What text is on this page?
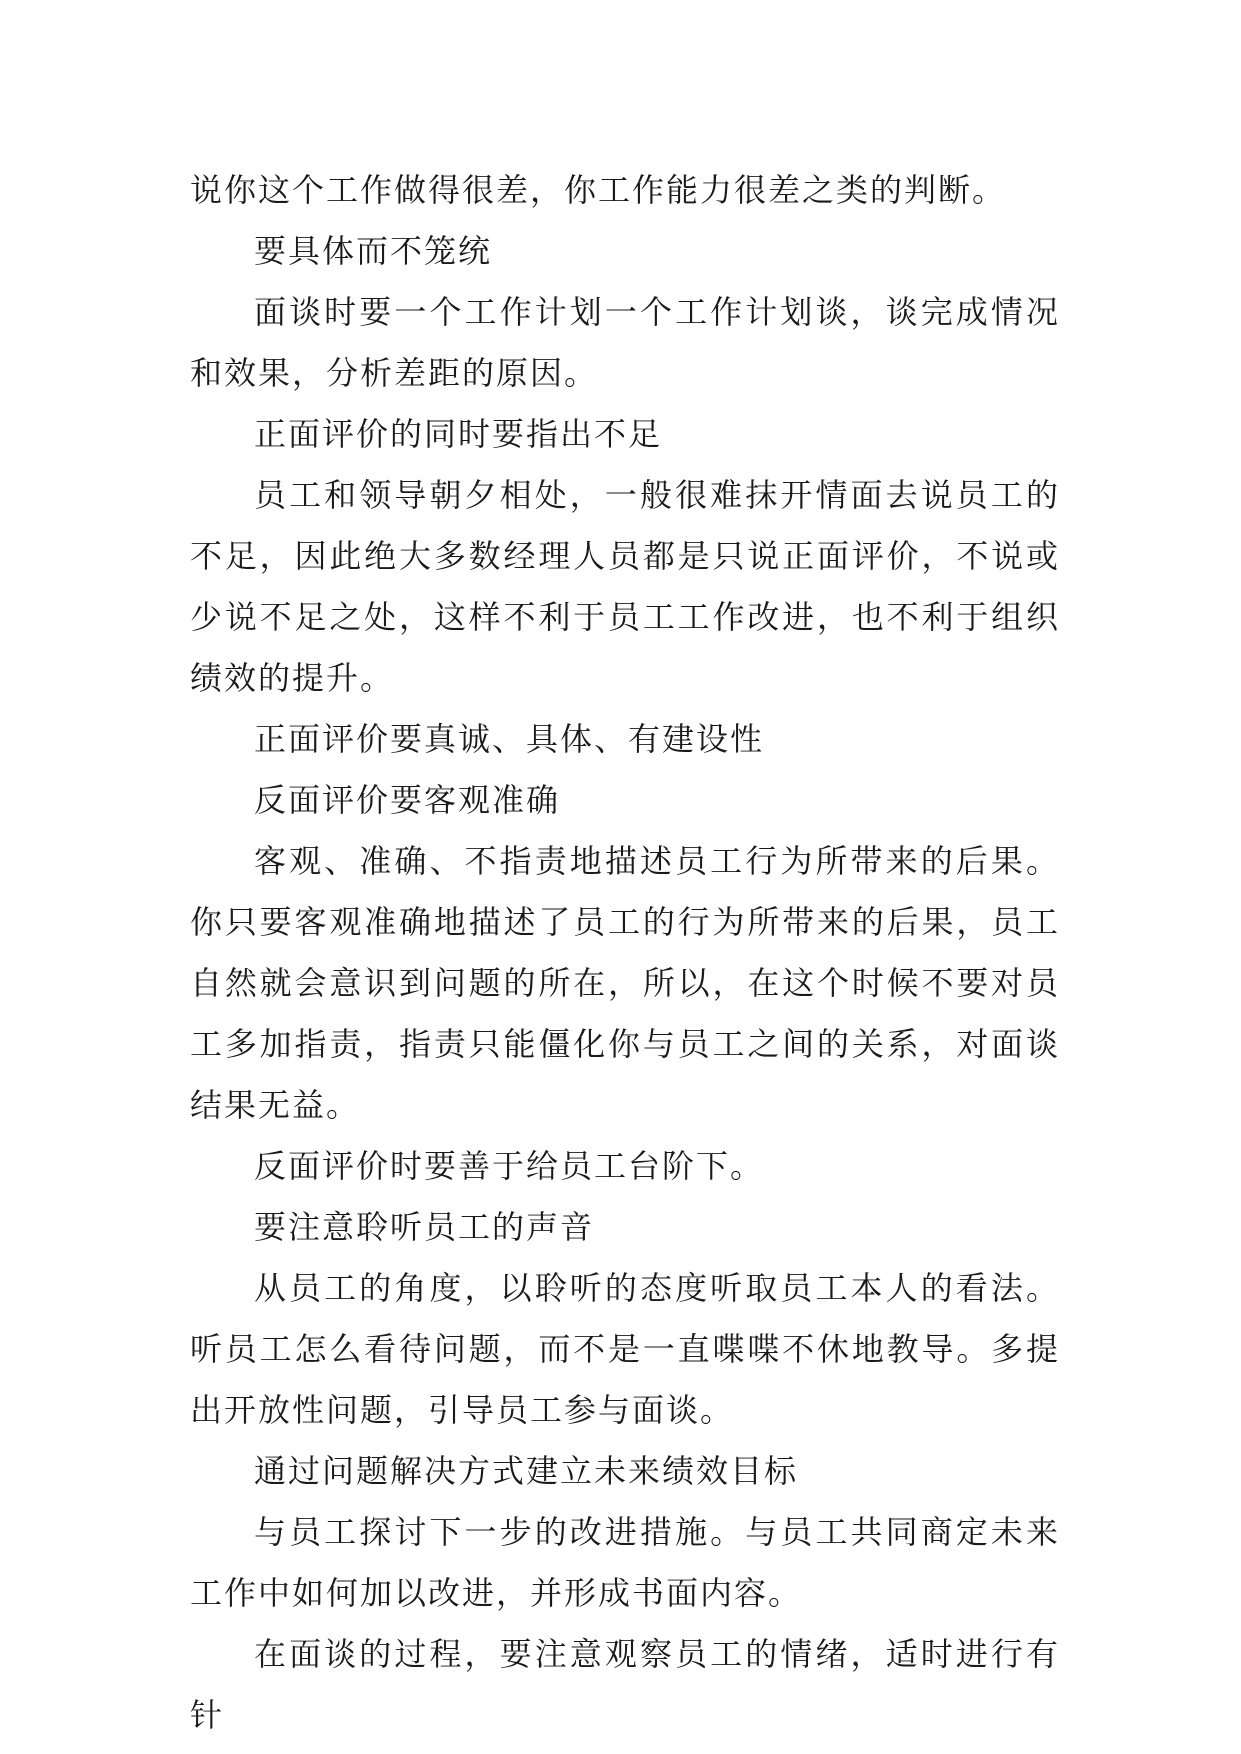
说你这个工作做得很差，你工作能力很差之类的判断。

要具体而不笼统

面谈时要一个工作计划一个工作计划谈，谈完成情况和效果，分析差距的原因。

正面评价的同时要指出不足

员工和领导朝夕相处，一般很难抹开情面去说员工的不足，因此绝大多数经理人员都是只说正面评价，不说或少说不足之处，这样不利于员工工作改进，也不利于组织绩效的提升。

正面评价要真诚、具体、有建设性

反面评价要客观准确

客观、准确、不指责地描述员工行为所带来的后果。你只要客观准确地描述了员工的行为所带来的后果，员工自然就会意识到问题的所在，所以，在这个时候不要对员工多加指责，指责只能僵化你与员工之间的关系，对面谈结果无益。

反面评价时要善于给员工台阶下。

要注意聆听员工的声音

从员工的角度，以聆听的态度听取员工本人的看法。听员工怎么看待问题，而不是一直喋喋不休地教导。多提出开放性问题，引导员工参与面谈。

通过问题解决方式建立未来绩效目标

与员工探讨下一步的改进措施。与员工共同商定未来工作中如何加以改进，并形成书面内容。

在面谈的过程，要注意观察员工的情绪，适时进行有针
